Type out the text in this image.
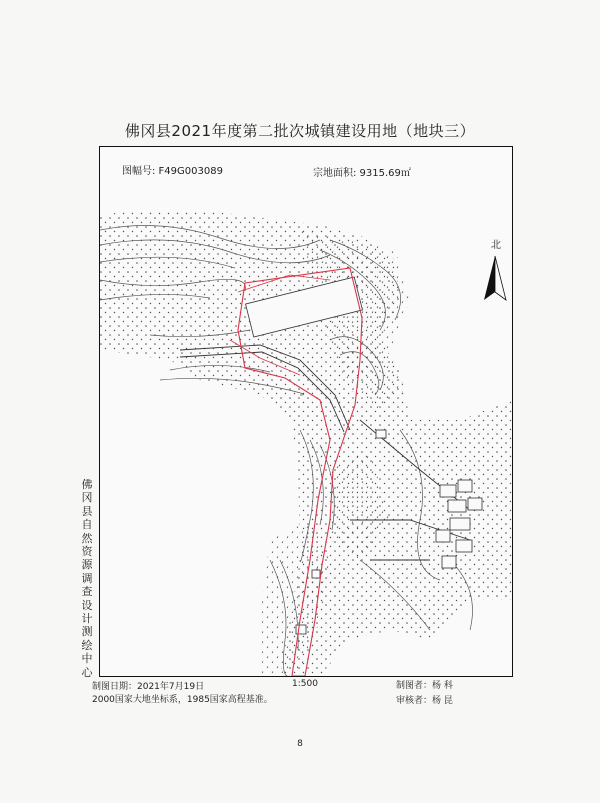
佛冈县2021年度第二批次城镇建设用地（地块三）
图幅号: F49G003089	宗地面积: 9315.69㎡
北
佛冈县自然资源调查设计测绘中心
制图日期：2021年7月19日	1:500	制图者：杨 科
2000国家大地坐标系，1985国家高程基准。	审核者：杨 昆
8
